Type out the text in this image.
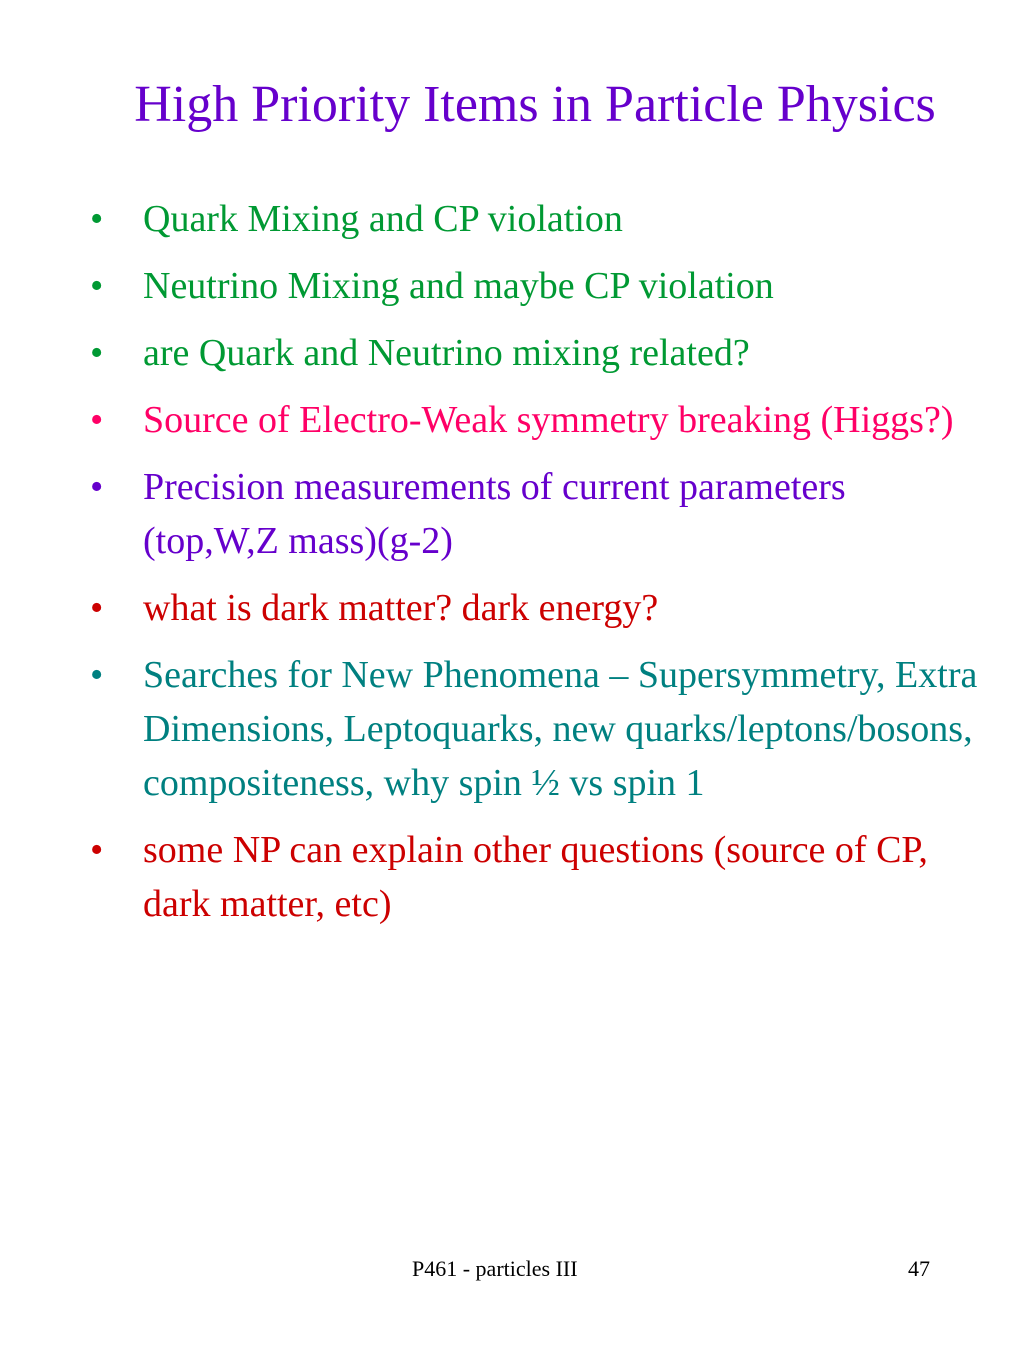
High Priority Items in Particle Physics
• Quark Mixing and CP violation
• Neutrino Mixing and maybe CP violation
• are Quark and Neutrino mixing related?
• Source of Electro-Weak symmetry breaking (Higgs?)
• Precision measurements of current parameters (top,W,Z mass)(g-2)
• what is dark matter? dark energy?
• Searches for New Phenomena – Supersymmetry, Extra Dimensions, Leptoquarks, new quarks/leptons/bosons, compositeness, why spin ½ vs spin 1
• some NP can explain other questions (source of CP, dark matter, etc)
P461 - particles III	47
